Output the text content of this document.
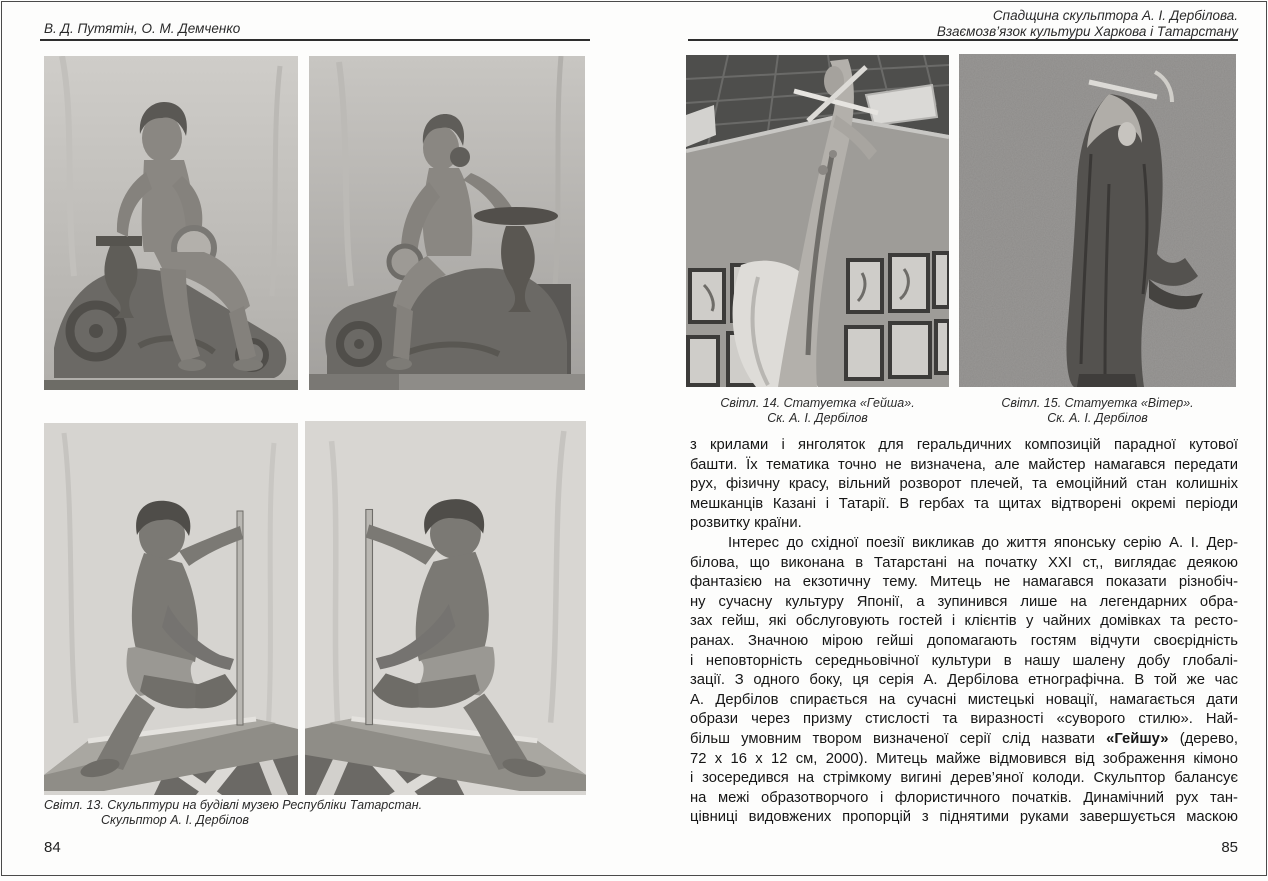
В. Д. Путятін, О. М. Демченко
Спадщина скульптора А. І. Дербілова.
Взаємозв’язок культури Харкова і Татарстану
Світл. 14. Статуетка «Гейша».
Ск. А. І. Дербілов
Світл. 15. Статуетка «Вітер».
Ск. А. І. Дербілов
Світл. 13. Скульптури на будівлі музею Республіки Татарстан.
Скульптор А. І. Дербілов
з крилами і янголяток для геральдичних композицій парадної кутової
башти. Їх тематика точно не визначена, але майстер намагався передати
рух, фізичну красу, вільний розворот плечей, та емоційний стан колишніх
мешканців Казані і Татарії. В гербах та щитах відтворені окремі періоди
розвитку країни.
Інтерес до східної поезії викликав до життя японську серію А. І. Дер-
білова, що виконана в Татарстані на початку XXI ст,, виглядає деякою
фантазією на екзотичну тему. Митець не намагався показати різнобіч-
ну сучасну культуру Японії, а зупинився лише на легендарних обра-
зах гейш, які обслуговують гостей і клієнтів у чайних домівках та ресто-
ранах. Значною мірою гейші допомагають гостям відчути своєрідність
і неповторність середньовічної культури в нашу шалену добу глобалі-
зації. З одного боку, ця серія А. Дербілова етнографічна. В той же час
А. Дербілов спирається на сучасні мистецькі новації, намагається дати
образи через призму стислості та виразності «суворого стилю». Най-
більш умовним твором визначеної серії слід назвати «Гейшу» (дерево,
72 х 16 х 12 см, 2000). Митець майже відмовився від зображення кімоно
і зосередився на стрімкому вигині дерев’яної колоди. Скульптор балансує
на межі образотворчого і флористичного початків. Динамічний рух тан-
цівниці видовжених пропорцій з піднятими руками завершується маскою
84	85
